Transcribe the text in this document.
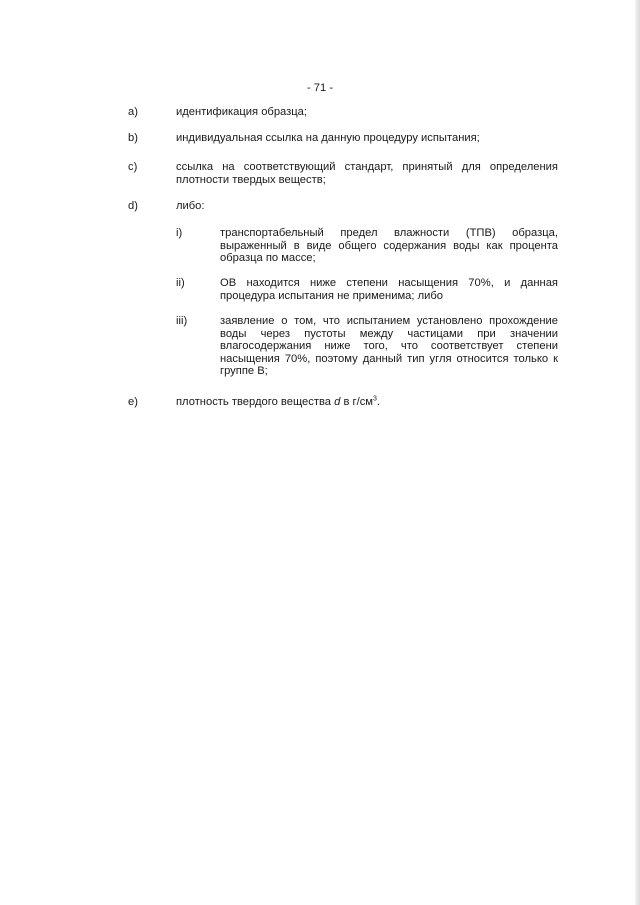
- 71 -
a)	идентификация образца;
b)	индивидуальная ссылка на данную процедуру испытания;
c)	ссылка на соответствующий стандарт, принятый для определения
плотности твердых веществ;
d)	либо:
i)	транспортабельный предел влажности (ТПВ) образца,
выраженный в виде общего содержания воды как процента
образца по массе;
ii)	ОВ находится ниже степени насыщения 70%, и данная
процедура испытания не применима; либо
iii)	заявление о том, что испытанием установлено прохождение
воды через пустоты между частицами при значении
влагосодержания ниже того, что соответствует степени
насыщения 70%, поэтому данный тип угля относится только к
группе B;
e)	плотность твердого вещества d в $г/см^3$.
